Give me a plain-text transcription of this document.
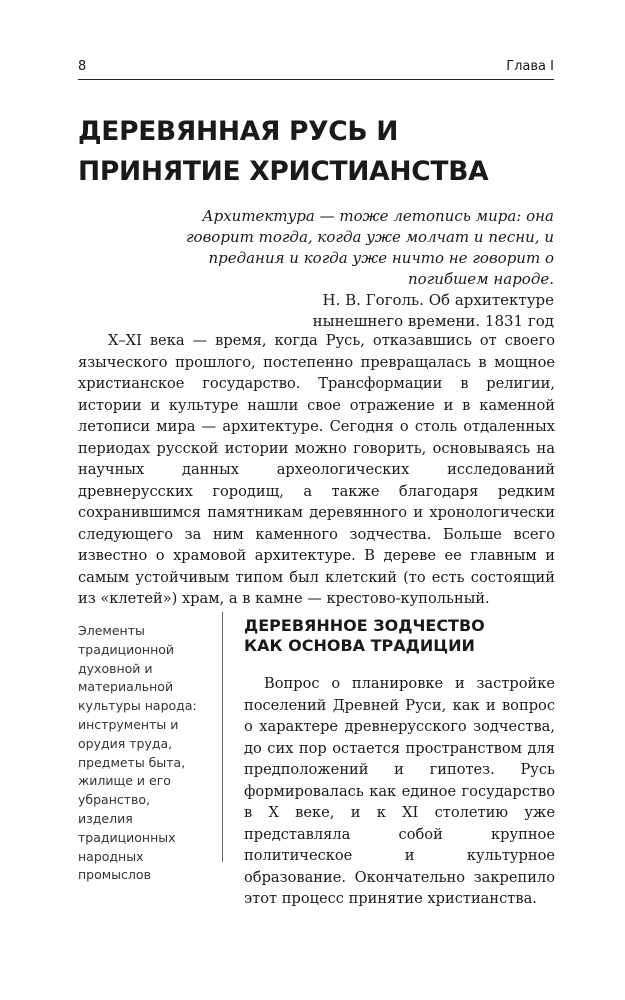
8	Глава I
ДЕРЕВЯННАЯ РУСЬ И ПРИНЯТИЕ ХРИСТИАНСТВА
Архитектура — тоже летопись мира: она говорит тогда, когда уже молчат и песни, и предания и когда уже ничто не говорит о погибшем народе.
Н. В. Гоголь. Об архитектуре
нынешнего времени. 1831 год

X–XI века — время, когда Русь, отказавшись от своего языческого прошлого, постепенно превращалась в мощное христианское государство. Трансформации в религии, истории и культуре нашли свое отражение и в каменной летописи мира — архитектуре. Сегодня о столь отдаленных периодах русской истории можно говорить, основываясь на научных данных археологических исследований древнерусских городищ, а также благодаря редким сохранившимся памятникам деревянного и хронологически следующего за ним каменного зодчества. Больше всего известно о храмовой архитектуре. В дереве ее главным и самым устойчивым типом был клетский (то есть состоящий из «клетей») храм, а в камне — крестово-купольный.

Элементы традиционной духовной и материальной культуры народа: инструменты и орудия труда, предметы быта, жилище и его убранство, изделия традиционных народных промыслов
ДЕРЕВЯННОЕ ЗОДЧЕСТВО
КАК ОСНОВА ТРАДИЦИИ

Вопрос о планировке и застройке поселений Древней Руси, как и вопрос о характере древнерусского зодчества, до сих пор остается пространством для предположений и гипотез. Русь формировалась как единое государство в X веке, и к XI столетию уже представляла собой крупное политическое и культурное образование. Окончательно закрепило этот процесс принятие христианства.
